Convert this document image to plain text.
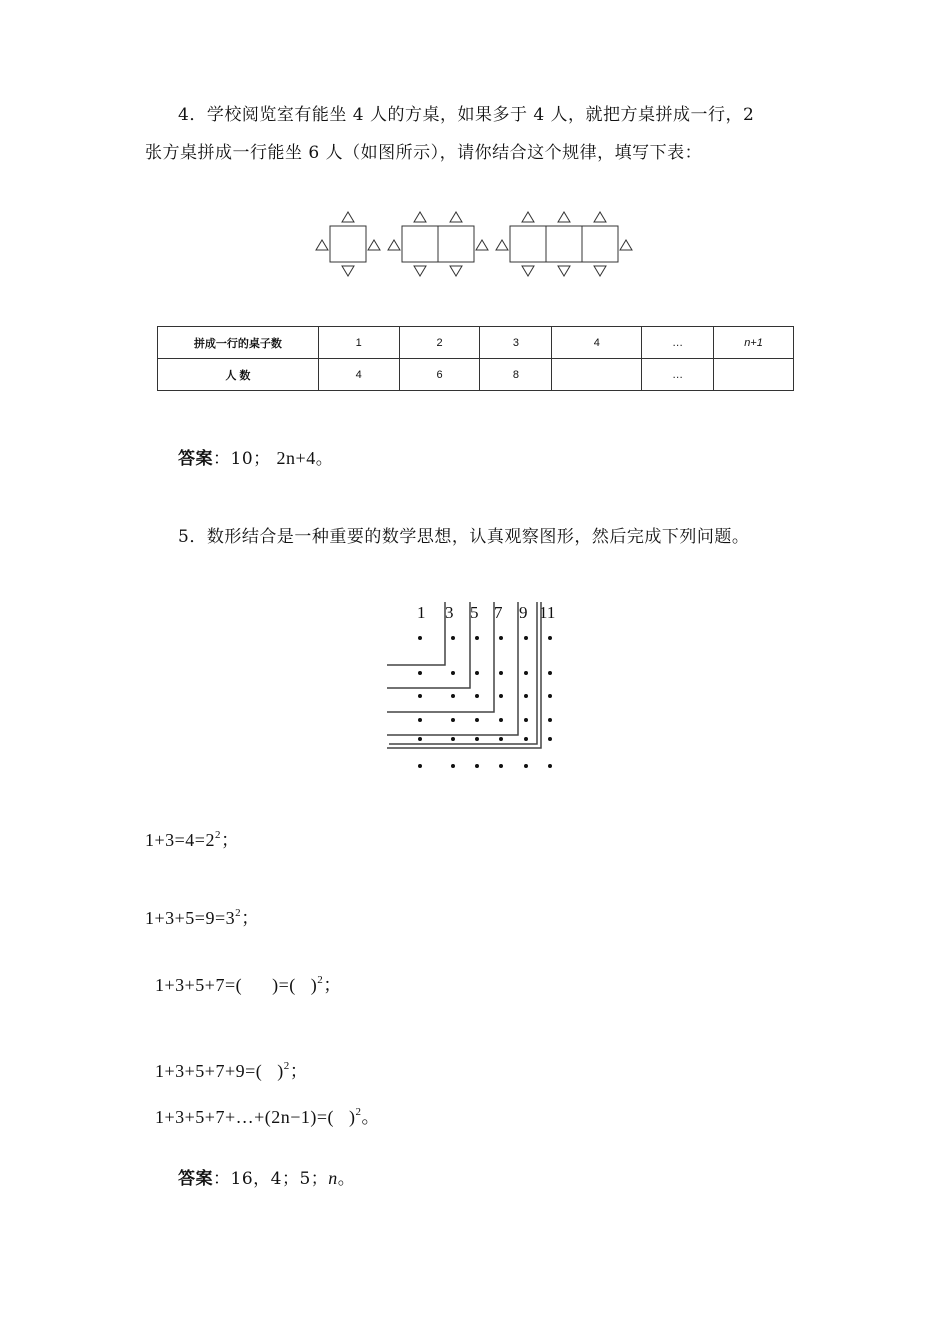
4．学校阅览室有能坐 4 人的方桌，如果多于 4 人，就把方桌拼成一行，2
张方桌拼成一行能坐 6 人（如图所示），请你结合这个规律，填写下表：
拼成一行的桌子数	1	2	3	4	…	n+1
人 数	4	6	8		…	
答案：10； 2n+4。
5．数形结合是一种重要的数学思想，认真观察图形，然后完成下列问题。
1 3 5 7 9 11
$1+3=4=2^2$；
$1+3+5=9=3^2$；

1+3+5+7=(      )=(   )$^2$；

1+3+5+7+9=(   )$^2$；

1+3+5+7+…+(2n−1)=(   )$^2$。

答案：16，4；5；n。
